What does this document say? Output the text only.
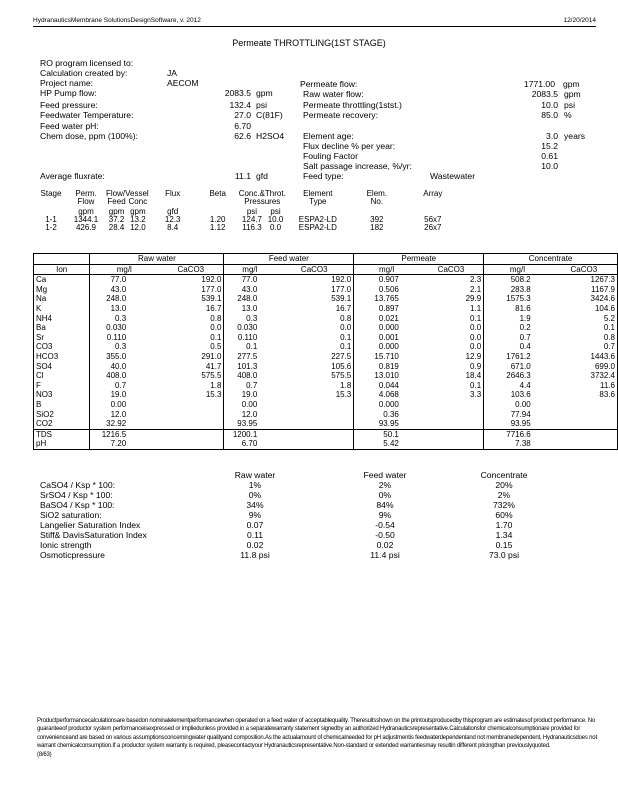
HydranauticsMembrane SolutionsDesignSoftware, v. 2012	12/20/2014
Permeate THROTTLING(1ST STAGE)
Stage	Perm.	Flow/Vessel		Flux	Beta	Conc.&Throt.		Element	Elem.	Array
	Flow	Feed	Conc			Pressures		Type	No.	
	gpm	gpm	gpm	gfd		psi	psi			
1-1	1344.1	37.2	13.2	12.3	1.20	124.7	10.0	ESPA2-LD	392	56x7
1-2	426.9	28.4	12.0	8.4	1.12	116.3	0.0	ESPA2-LD	182	26x7
	Raw water		Feed water		Permeate		Concentrate	
Ion	mg/l	CaCO3	mg/l	CaCO3	mg/l	CaCO3	mg/l	CaCO3
Ca	77.0	192.0	77.0	192.0	0.907	2.3	508.2	1267.3
Mg	43.0	177.0	43.0	177.0	0.506	2.1	283.8	1167.9
Na	248.0	539.1	248.0	539.1	13.765	29.9	1575.3	3424.6
K	13.0	16.7	13.0	16.7	0.897	1.1	81.6	104.6
NH4	0.3	0.8	0.3	0.8	0.021	0.1	1.9	5.2
Ba	0.030	0.0	0.030	0.0	0.000	0.0	0.2	0.1
Sr	0.110	0.1	0.110	0.1	0.001	0.0	0.7	0.8
CO3	0.3	0.5	0.1	0.1	0.000	0.0	0.4	0.7
HCO3	355.0	291.0	277.5	227.5	15.710	12.9	1761.2	1443.6
SO4	40.0	41.7	101.3	105.6	0.819	0.9	671.0	699.0
Cl	408.0	575.5	408.0	575.5	13.010	18.4	2646.3	3732.4
F	0.7	1.8	0.7	1.8	0.044	0.1	4.4	11.6
NO3	19.0	15.3	19.0	15.3	4.068	3.3	103.6	83.6
B	0.00		0.00		0.000		0.00	
SiO2	12.0		12.0		0.36		77.94	
CO2	32.92		93.95		93.95		93.95	
TDS	1216.5		1200.1		50.1		7716.6	
pH	7.20		6.70		5.42		7.38	
	Raw water	Feed water	Concentrate
CaSO4 / Ksp * 100:	1%	2%	20%
SrSO4 / Ksp * 100:	0%	0%	2%
BaSO4 / Ksp * 100:	34%	84%	732%
SiO2 saturation:	9%	9%	60%
Langelier Saturation Index	0.07	-0.54	1.70
Stiff& DavisSaturation Index	0.11	-0.50	1.34
Ionic strength	0.02	0.02	0.15
Osmoticpressure	11.8 psi	11.4 psi	73.0 psi
Productperformancecalculationsare basedon nominalelementperformancewhen operated on a feed water of acceptablequality. Theresultsshown on the printoutsproducedby thisprogram are estimatesof product performance. No guaranteeof productor system performanceisexpressed or impliedunless provided in a separatewarranty statement signedby an authorized Hydranauticsrepresentative.Calculationsfor chemicalconsumptionare provided for convenienceand are based on various assumptionsconcerningwater qualityand composition.As the actualamount of chemicalneeded for pH adjustmentis feedwaterdependentand not membranedependent, Hydranauticsdoes not warrant chemicalconsumption.If a productor system warranty is required, pleasecontactyour Hydranauticsrepresentative.Non-standard or extended warrantiesmay resultin different pricingthan previouslyquoted.
(8/63)
RO program licensed to:
Calculation created by:	JA
Project name:	AECOM
HP Pump flow:	2083.5 gpm
Feed pressure:	132.4 psi
Feedwater Temperature:	27.0 C(81F)
Feed water pH:	6.70
Chem dose, ppm (100%):	62.6 H2SO4
Average fluxrate:	11.1 gfd
Permeate flow:	1771.00 gpm
Raw water flow:	2083.5 gpm
Permeate throttling(1stst.)	10.0 psi
Permeate recovery:	85.0 %
Element age:	3.0 years
Flux decline % per year:	15.2
Fouling Factor	0.61
Salt passage increase, %/yr:	10.0
Feed type:	Wastewater
